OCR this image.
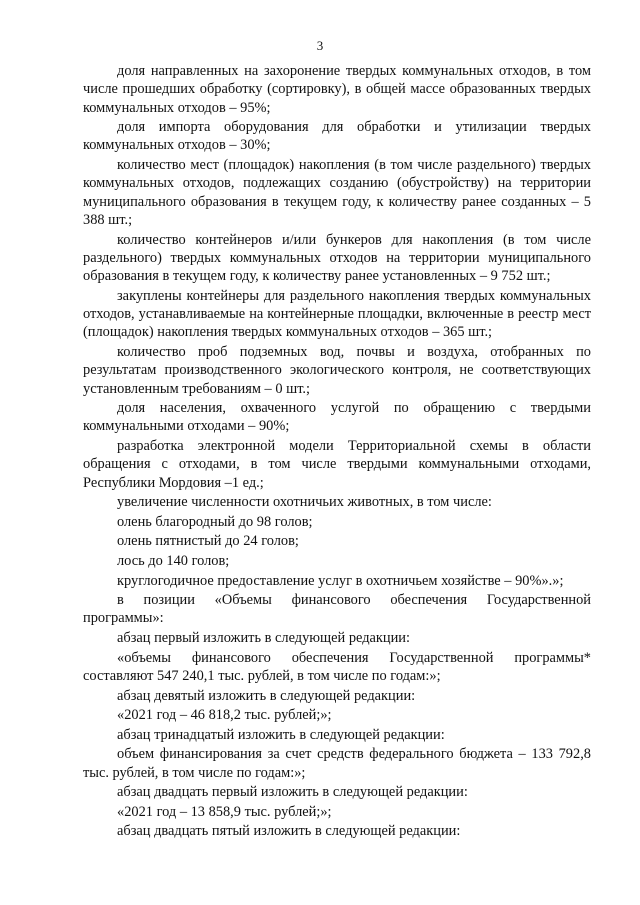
3

доля направленных на захоронение твердых коммунальных отходов, в том числе прошедших обработку (сортировку), в общей массе образованных твердых коммунальных отходов – 95%;

доля импорта оборудования для обработки и утилизации твердых коммунальных отходов – 30%;

количество мест (площадок) накопления (в том числе раздельного) твердых коммунальных отходов, подлежащих созданию (обустройству) на территории муниципального образования в текущем году, к количеству ранее созданных – 5 388 шт.;

количество контейнеров и/или бункеров для накопления (в том числе раздельного) твердых коммунальных отходов на территории муниципального образования в текущем году, к количеству ранее установленных – 9 752 шт.;

закуплены контейнеры для раздельного накопления твердых коммунальных отходов, устанавливаемые на контейнерные площадки, включенные в реестр мест (площадок) накопления твердых коммунальных отходов – 365 шт.;

количество проб подземных вод, почвы и воздуха, отобранных по результатам производственного экологического контроля, не соответствующих установленным требованиям – 0 шт.;

доля населения, охваченного услугой по обращению с твердыми коммунальными отходами – 90%;

разработка электронной модели Территориальной схемы в области обращения с отходами, в том числе твердыми коммунальными отходами, Республики Мордовия –1 ед.;

увеличение численности охотничьих животных, в том числе:

олень благородный до 98 голов;

олень пятнистый до 24 голов;

лось до 140 голов;

круглогодичное предоставление услуг в охотничьем хозяйстве – 90%».»;

в позиции «Объемы финансового обеспечения Государственной программы»:

абзац первый изложить в следующей редакции:

«объемы финансового обеспечения Государственной программы* составляют 547 240,1 тыс. рублей, в том числе по годам:»;

абзац девятый изложить в следующей редакции:

«2021 год – 46 818,2 тыс. рублей;»;

абзац тринадцатый изложить в следующей редакции:

объем финансирования за счет средств федерального бюджета – 133 792,8 тыс. рублей, в том числе по годам:»;

абзац двадцать первый изложить в следующей редакции:

«2021 год – 13 858,9 тыс. рублей;»;

абзац двадцать пятый изложить в следующей редакции:
